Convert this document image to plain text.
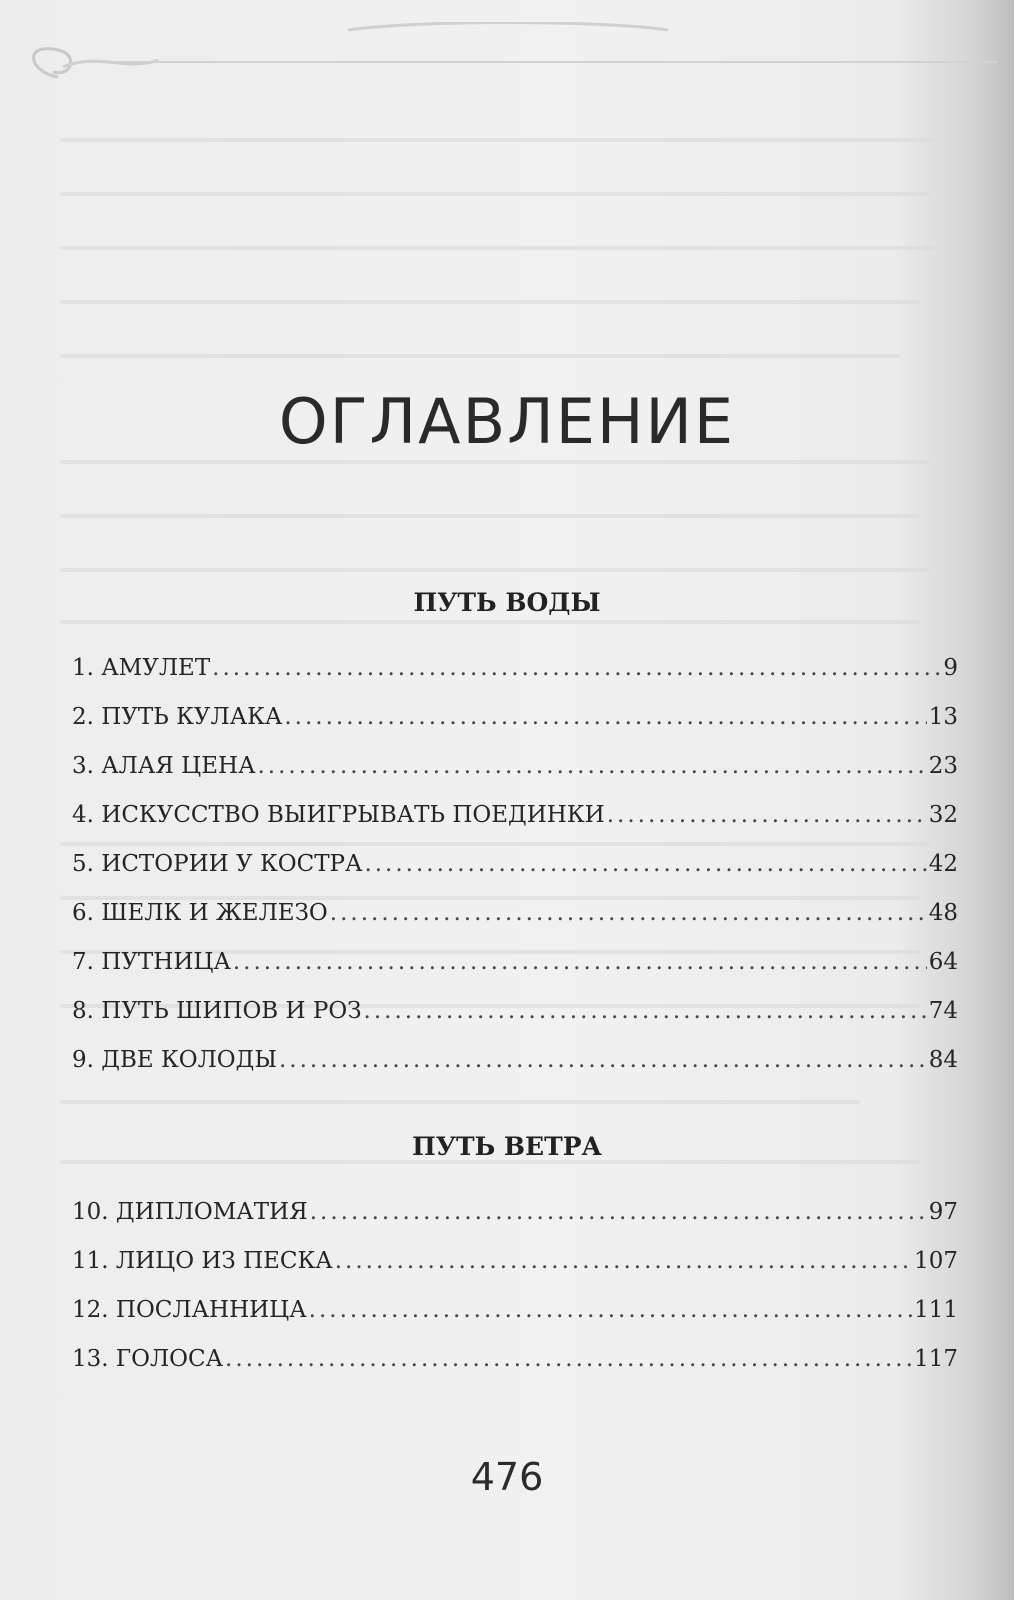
ОГЛАВЛЕНИЕ
ПУТЬ ВОДЫ
1. АМУЛЕТ .....	9
2. ПУТЬ КУЛАКА .....	13
3. АЛАЯ ЦЕНА .....	23
4. ИСКУССТВО ВЫИГРЫВАТЬ ПОЕДИНКИ .....	32
5. ИСТОРИИ У КОСТРА .....	42
6. ШЕЛК И ЖЕЛЕЗО .....	48
7. ПУТНИЦА .....	64
8. ПУТЬ ШИПОВ И РОЗ .....	74
9. ДВЕ КОЛОДЫ .....	84
ПУТЬ ВЕТРА
10. ДИПЛОМАТИЯ .....	97
11. ЛИЦО ИЗ ПЕСКА .....	107
12. ПОСЛАННИЦА .....	111
13. ГОЛОСА .....	117
476
